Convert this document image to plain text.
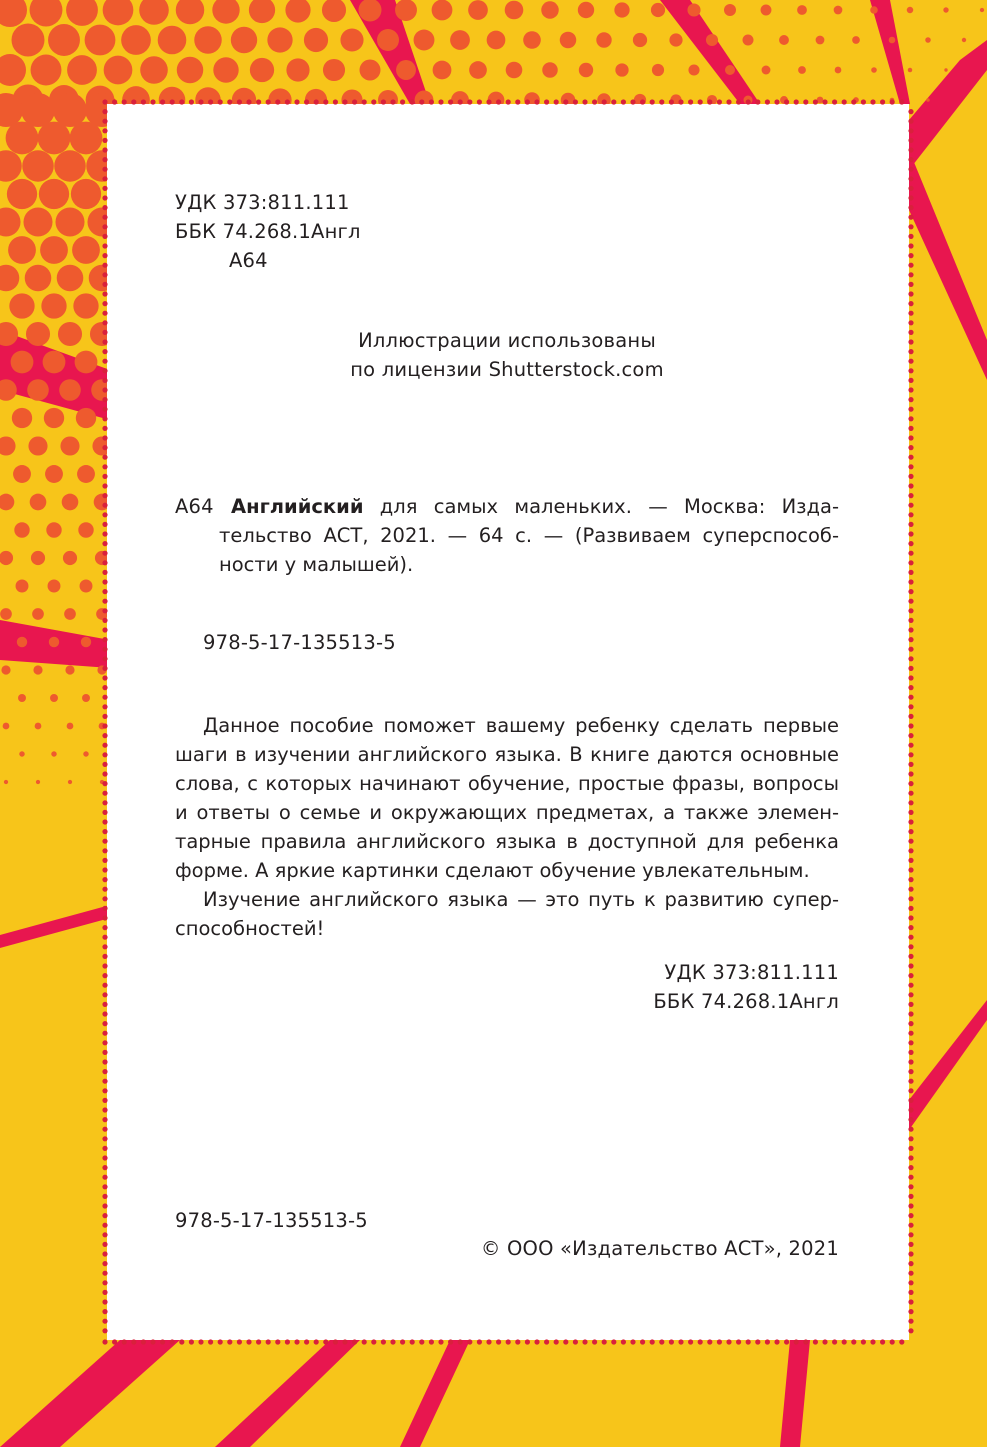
УДК 373:811.111
ББК 74.268.1Англ
А64
Иллюстрации использованы
по лицензии Shutterstock.com
А64 Английский для самых маленьких. — Москва: Изда-
тельство АСТ, 2021. — 64 с. — (Развиваем суперспособ-
ности у малышей).
978-5-17-135513-5
Данное пособие поможет вашему ребенку сделать первые
шаги в изучении английского языка. В книге даются основные
слова, с которых начинают обучение, простые фразы, вопросы
и ответы о семье и окружающих предметах, а также элемен-
тарные правила английского языка в доступной для ребенка
форме. А яркие картинки сделают обучение увлекательным.
Изучение английского языка — это путь к развитию супер-
способностей!
УДК 373:811.111
ББК 74.268.1Англ
978-5-17-135513-5
© ООО «Издательство АСТ», 2021
